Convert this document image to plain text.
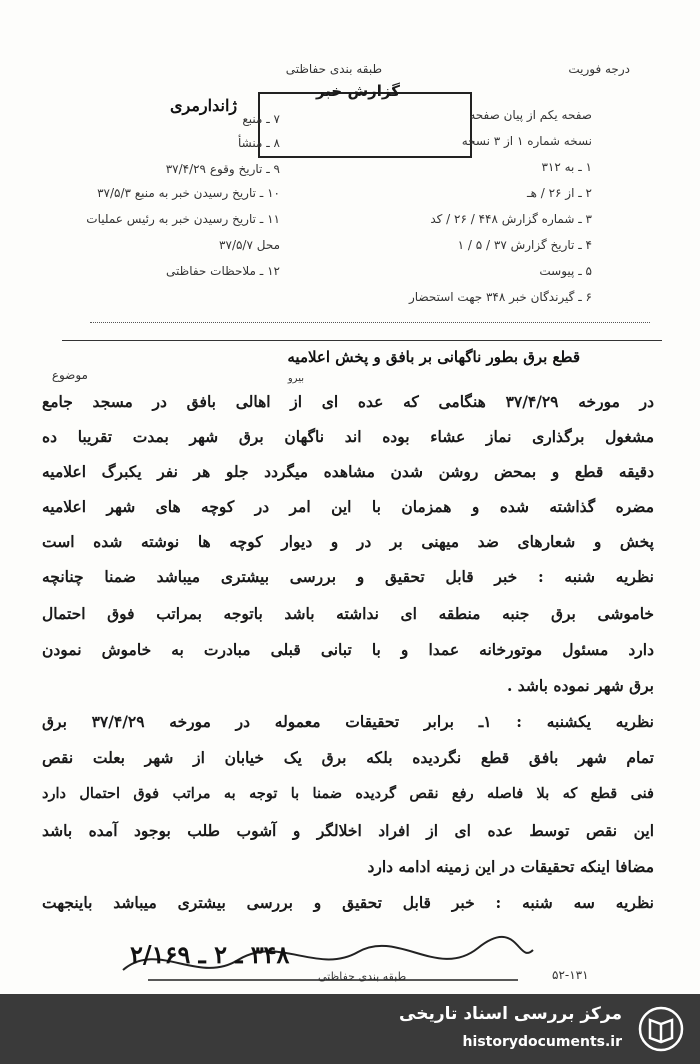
درجه فوریت
طبقه بندی حفاظتی
گزارش خبر
ژاندارمری	صفحه یکم از پیان صفحه
نسخه شماره ۱ از ۳ نسخه
۱ ـ به ۳۱۲
۲ ـ از ۲۶ / هـ
۳ ـ شماره گزارش ۴۴۸ / ۲۶ / کد
۴ ـ تاریخ گزارش ۳۷ / ۵ / ۱
۵ ـ پیوست
۶ ـ گیرندگان خبر ۳۴۸ جهت استحضار
۷ ـ منبع
۸ ـ منشأ
۹ ـ تاریخ وقوع ۳۷/۴/۲۹
۱۰ ـ تاریخ رسیدن خبر به منبع ۳۷/۵/۳
۱۱ ـ تاریخ رسیدن خبر به رئیس عملیات
محل ۳۷/۵/۷
۱۲ ـ ملاحظات حفاظتی
موضوع
قطع برق بطور ناگهانی بر بافق و پخش اعلامیه
بیرو
در مورخه ۳۷/۴/۲۹ هنگامی که عده ای از اهالی بافق در مسجد جامع
مشغول برگذاری نماز عشاء بوده اند ناگهان برق شهر بمدت تقریبا ده
دقیقه قطع و بمحض روشن شدن مشاهده میگردد جلو هر نفر یکبرگ اعلامیه
مضره گذاشته شده و همزمان با این امر در کوچه های شهر اعلامیه
پخش و شعارهای ضد میهنی بر در و دیوار کوچه ها نوشته شده است
نظریه شنبه : خبر قابل تحقیق و بررسی بیشتری میباشد ضمنا چنانچه
خاموشی برق جنبه منطقه ای نداشته باشد باتوجه بمراتب فوق احتمال
دارد مسئول موتورخانه عمدا و با تبانی قبلی مبادرت به خاموش نمودن
برق شهر نموده باشد .
نظریه یکشنبه : ۱ـ برابر تحقیقات معموله در مورخه ۳۷/۴/۲۹ برق
تمام شهر بافق قطع نگردیده بلکه برق یک خیابان از شهر بعلت نقص
فنی قطع که بلا فاصله رفع نقص گردیده ضمنا با توجه به مراتب فوق احتمال دارد
این نقص توسط عده ای از افراد اخلالگر و آشوب طلب بوجود آمده باشد
مضافا اینکه تحقیقات در این زمینه ادامه دارد
نظریه سه شنبه : خبر قابل تحقیق و بررسی بیشتری میباشد باینجهت
۳۴۸ ـ ۲ ـ ۲/۱۶۹
طبقه بندی حفاظتی	۵۲-۱۳۱
مرکز بررسی اسناد تاریخی
historydocuments.ir
